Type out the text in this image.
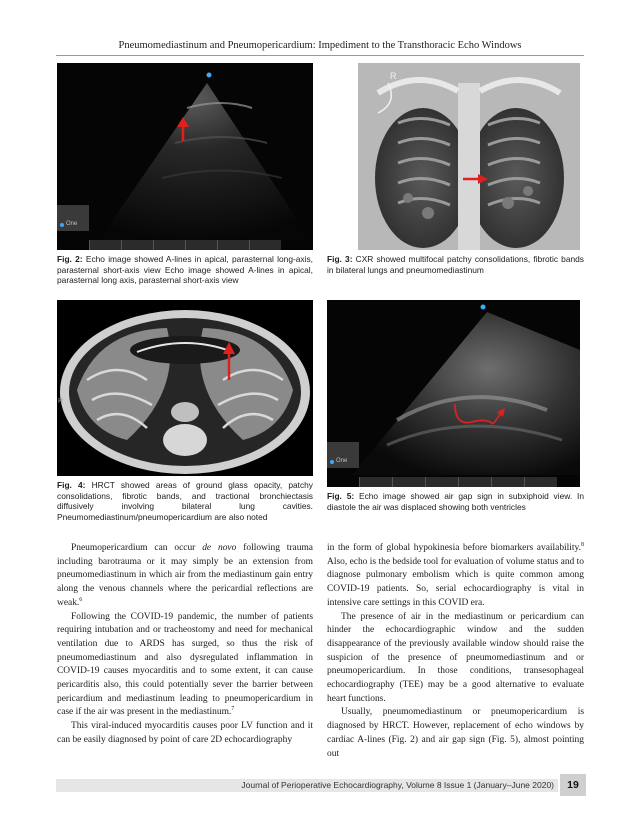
Pneumomediastinum and Pneumopericardium: Impediment to the Transthoracic Echo Windows
One
Fig. 2: Echo image showed A-lines in apical, parasternal long-axis, parasternal short-axis view Echo image showed A-lines in apical, parasternal long axis, parasternal short-axis view
R
Fig. 3: CXR showed multifocal patchy consolidations, fibrotic bands in bilateral lungs and pneumomediastinum
R
Fig. 4: HRCT showed areas of ground glass opacity, patchy consolidations, fibrotic bands, and tractional bronchiectasis diffusively involving bilateral lung cavities. Pneumomediastinum/pneumopericardium are also noted
One
Fig. 5: Echo image showed air gap sign in subxiphoid view. In diastole the air was displaced showing both ventricles

Pneumopericardium can occur de novo following trauma including barotrauma or it may simply be an extension from pneumomediastinum in which air from the mediastinum gain entry along the venous channels where the pericardial reflections are weak.$^6$

Following the COVID-19 pandemic, the number of patients requiring intubation and or tracheostomy and need for mechanical ventilation due to ARDS has surged, so thus the risk of pneumomediastinum and also dysregulated inflammation in COVID-19 causes myocarditis and to some extent, it can cause pericarditis also, this could potentially sever the barrier between pericardium and mediastinum leading to pneumopericardium in case if the air was present in the mediastinum.$^7$

This viral-induced myocarditis causes poor LV function and it can be easily diagnosed by point of care 2D echocardiography

in the form of global hypokinesia before biomarkers availability.$^8$ Also, echo is the bedside tool for evaluation of volume status and to diagnose pulmonary embolism which is quite common among COVID-19 patients. So, serial echocardiography is vital in intensive care settings in this COVID era.

The presence of air in the mediastinum or pericardium can hinder the echocardiographic window and the sudden disappearance of the previously available window should raise the suspicion of the presence of pneumomediastinum and or pneumopericardium. In those conditions, transesophageal echocardiography (TEE) may be a good alternative to evaluate heart functions.

Usually, pneumomediastinum or pneumopericardium is diagnosed by HRCT. However, replacement of echo windows by cardiac A-lines (Fig. 2) and air gap sign (Fig. 5), almost pointing out

Journal of Perioperative Echocardiography, Volume 8 Issue 1 (January–June 2020)	19
